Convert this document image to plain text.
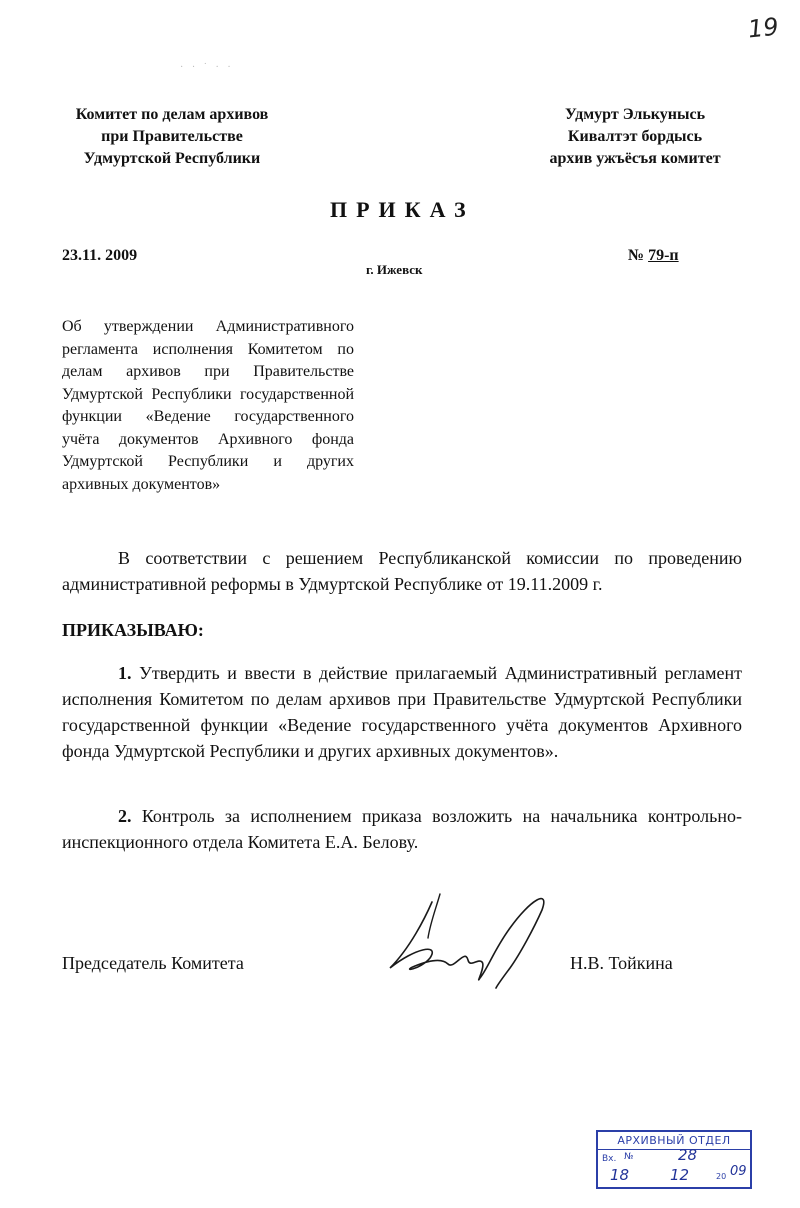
19
· · ˙ · ·
Комитет по делам архивов
при Правительстве
Удмуртской Республики
Удмурт Элькунысь
Кивалтэт бордысь
архив ужъёсъя комитет
ПРИКАЗ
23.11. 2009
г. Ижевск
№ 79-п
Об утверждении Административного регламента исполнения Комитетом по делам архивов при Правительстве Удмуртской Республики государственной функции «Ведение государственного учёта документов Архивного фонда Удмуртской Республики и других архивных документов»
В соответствии с решением Республиканской комиссии по проведению административной реформы в Удмуртской Республике от 19.11.2009 г.
ПРИКАЗЫВАЮ:
1. Утвердить и ввести в действие прилагаемый Административный регламент исполнения Комитетом по делам архивов при Правительстве Удмуртской Республики государственной функции «Ведение государственного учёта документов Архивного фонда Удмуртской Республики и других архивных документов».
2. Контроль за исполнением приказа возложить на начальника контрольно-инспекционного отдела Комитета Е.А. Белову.
Председатель Комитета	Н.В. Тойкина
АРХИВНЫЙ ОТДЕЛ
Вх. №	28
18	12	20 09
